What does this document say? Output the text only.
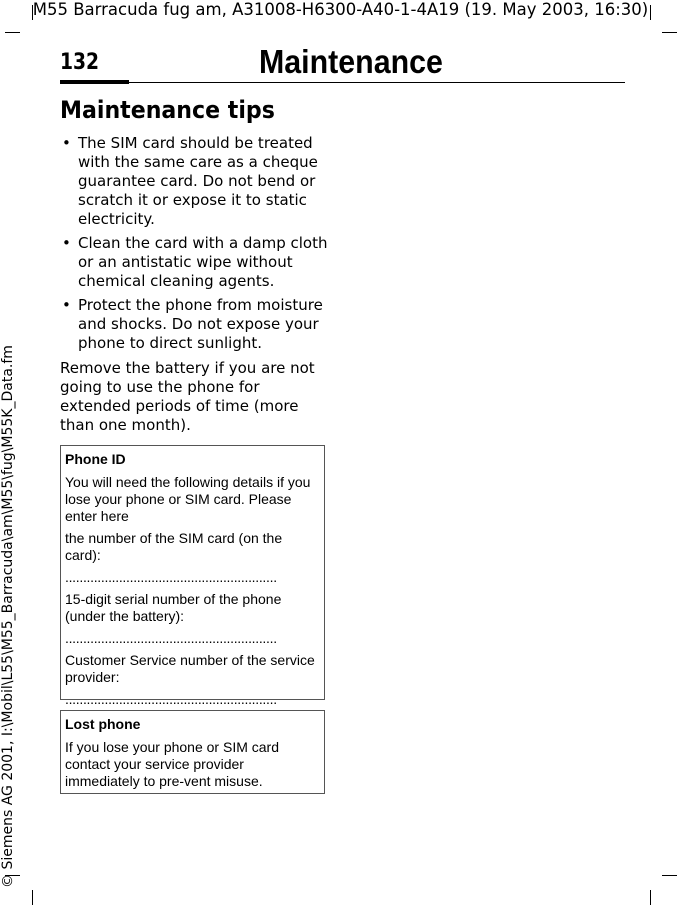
M55 Barracuda fug am, A31008-H6300-A40-1-4A19 (19. May 2003, 16:30)
132	Maintenance
Maintenance tips
• The SIM card should be treated with the same care as a cheque guarantee card. Do not bend or scratch it or expose it to static electricity.
• Clean the card with a damp cloth or an antistatic wipe without chemical cleaning agents.
• Protect the phone from moisture and shocks. Do not expose your phone to direct sunlight.

Remove the battery if you are not going to use the phone for extended periods of time (more than one month).

Phone ID

You will need the following details if you lose your phone or SIM card. Please enter here

the number of the SIM card (on the card):

...........................................................

15-digit serial number of the phone (under the battery):

...........................................................

Customer Service number of the service provider:

...........................................................

Lost phone

If you lose your phone or SIM card contact your service provider immediately to pre-vent misuse.

© Siemens AG 2001, I:\Mobil\L55\M55_Barracuda\am\M55\fug\M55K_Data.fm
